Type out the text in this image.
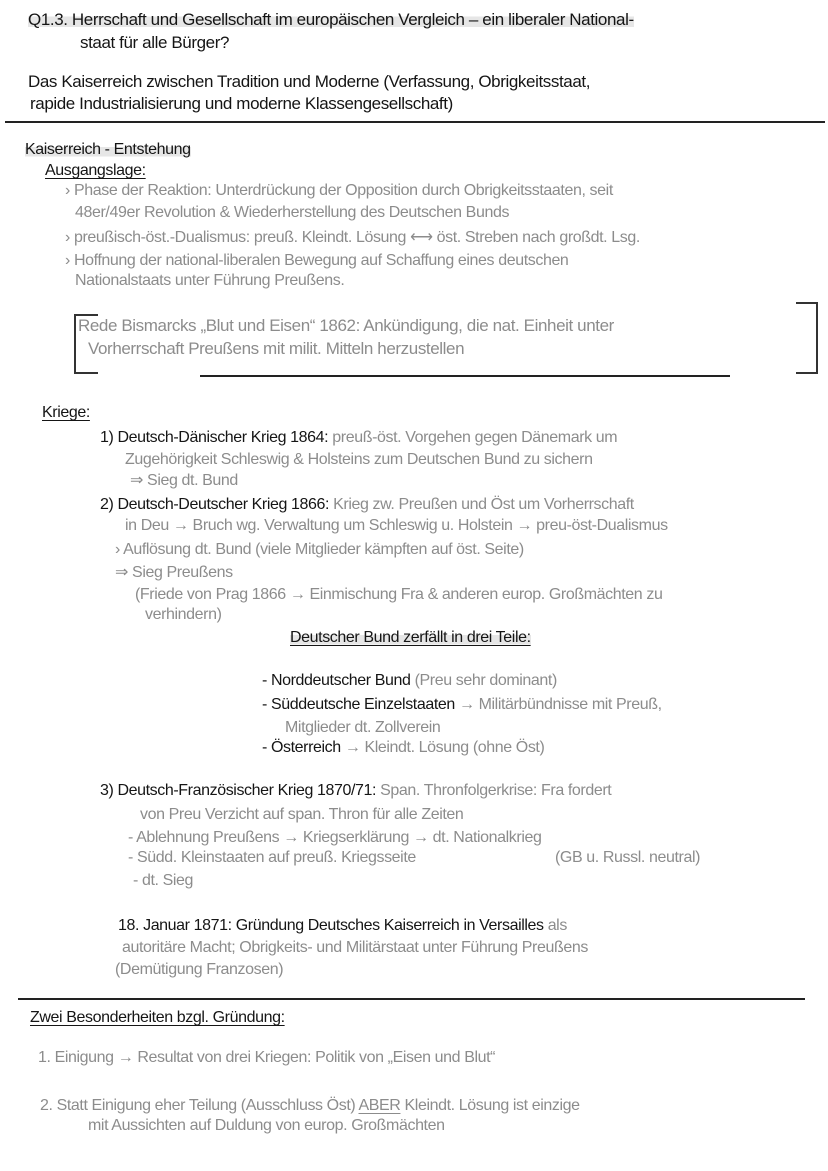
Q1.3. Herrschaft und Gesellschaft im europäischen Vergleich – ein liberaler National-
staat für alle Bürger?
Das Kaiserreich zwischen Tradition und Moderne (Verfassung, Obrigkeitsstaat,
rapide Industrialisierung und moderne Klassengesellschaft)
Kaiserreich - Entstehung
Ausgangslage:
› Phase der Reaktion: Unterdrückung der Opposition durch Obrigkeitsstaaten, seit
48er/49er Revolution & Wiederherstellung des Deutschen Bunds
› preußisch-öst.-Dualismus: preuß. Kleindt. Lösung ⟷ öst. Streben nach großdt. Lsg.
› Hoffnung der national-liberalen Bewegung auf Schaffung eines deutschen
Nationalstaats unter Führung Preußens.
Rede Bismarcks „Blut und Eisen“ 1862: Ankündigung, die nat. Einheit unter
Vorherrschaft Preußens mit milit. Mitteln herzustellen
Kriege:
1) Deutsch-Dänischer Krieg 1864: preuß-öst. Vorgehen gegen Dänemark um
Zugehörigkeit Schleswig & Holsteins zum Deutschen Bund zu sichern
⇒ Sieg dt. Bund
2) Deutsch-Deutscher Krieg 1866: Krieg zw. Preußen und Öst um Vorherrschaft
in Deu → Bruch wg. Verwaltung um Schleswig u. Holstein → preu-öst-Dualismus
› Auflösung dt. Bund (viele Mitglieder kämpften auf öst. Seite)
⇒ Sieg Preußens
(Friede von Prag 1866 → Einmischung Fra & anderen europ. Großmächten zu
verhindern)
Deutscher Bund zerfällt in drei Teile:
- Norddeutscher Bund (Preu sehr dominant)
- Süddeutsche Einzelstaaten → Militärbündnisse mit Preuß,
Mitglieder dt. Zollverein
- Österreich → Kleindt. Lösung (ohne Öst)
3) Deutsch-Französischer Krieg 1870/71: Span. Thronfolgerkrise: Fra fordert
von Preu Verzicht auf span. Thron für alle Zeiten
- Ablehnung Preußens → Kriegserklärung → dt. Nationalkrieg
- Südd. Kleinstaaten auf preuß. Kriegsseite	(GB u. Russl. neutral)
- dt. Sieg
18. Januar 1871: Gründung Deutsches Kaiserreich in Versailles als
autoritäre Macht; Obrigkeits- und Militärstaat unter Führung Preußens
(Demütigung Franzosen)
Zwei Besonderheiten bzgl. Gründung:
1. Einigung → Resultat von drei Kriegen: Politik von „Eisen und Blut“
2. Statt Einigung eher Teilung (Ausschluss Öst) ABER Kleindt. Lösung ist einzige
mit Aussichten auf Duldung von europ. Großmächten
